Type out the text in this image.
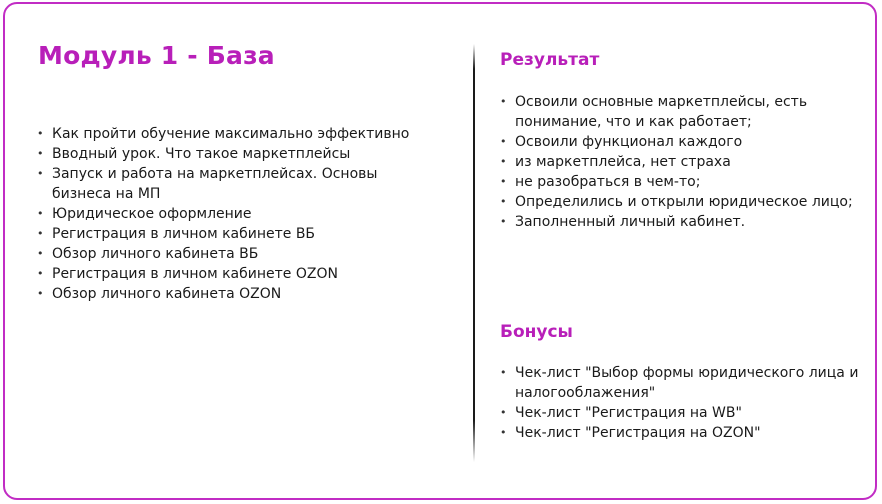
Модуль 1 - База
• Как пройти обучение максимально эффективно
• Вводный урок. Что такое маркетплейсы
• Запуск и работа на маркетплейсах. Основы бизнеса на МП
• Юридическое оформление
• Регистрация в личном кабинете ВБ
• Обзор личного кабинета ВБ
• Регистрация в личном кабинете OZON
• Обзор личного кабинета OZON
Результат
• Освоили основные маркетплейсы, есть понимание, что и как работает;
• Освоили функционал каждого
• из маркетплейса, нет страха
• не разобраться в чем-то;
• Определились и открыли юридическое лицо;
• Заполненный личный кабинет.
Бонусы
• Чек-лист "Выбор формы юридического лица и налогооблажения"
• Чек-лист "Регистрация на WB"
• Чек-лист "Регистрация на OZON"
